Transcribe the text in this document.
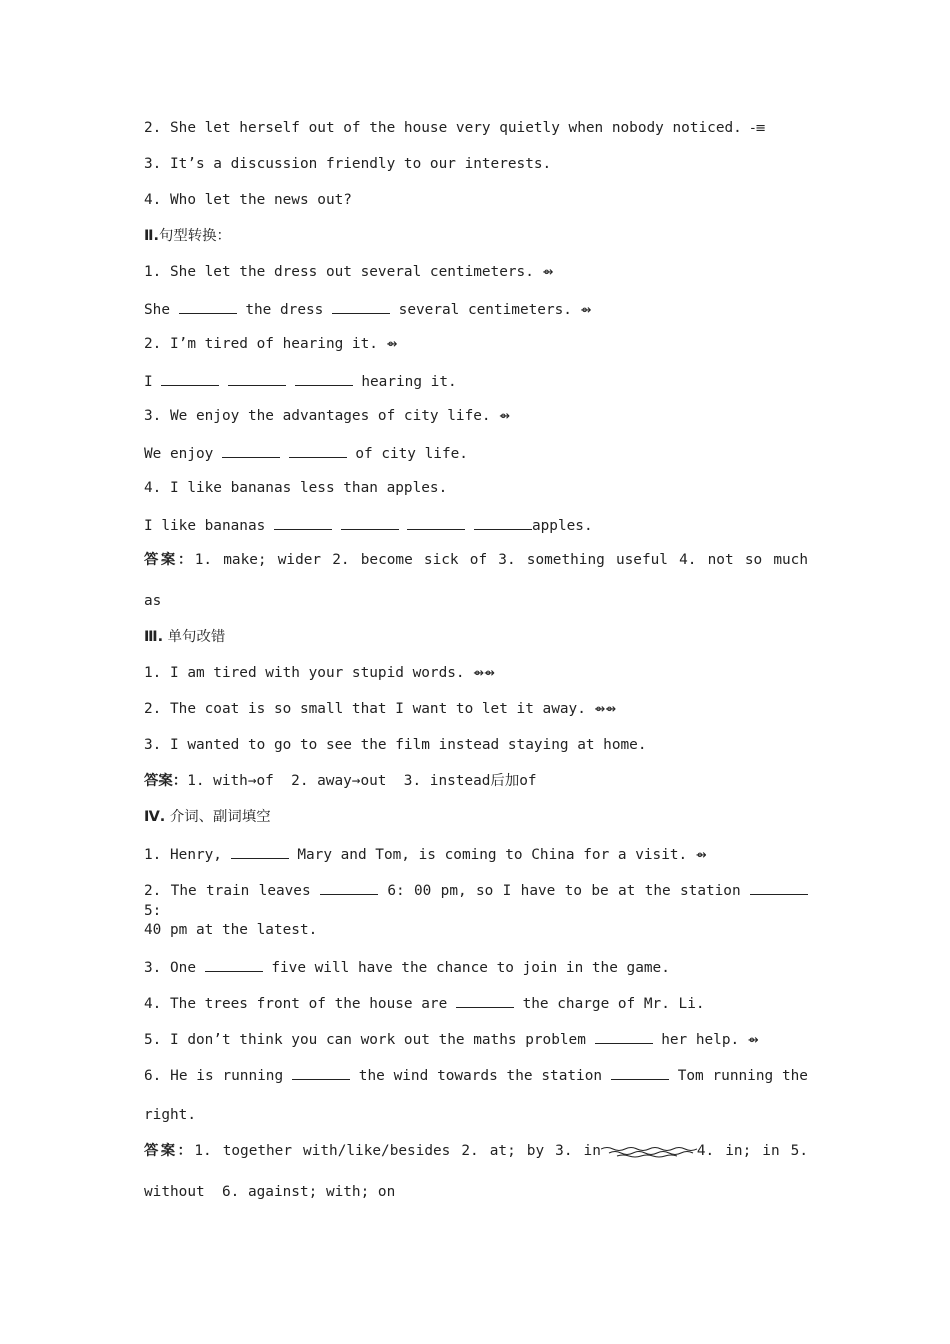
2. She let herself out of the house very quietly when nobody noticed. -≡

3. It’s a discussion friendly to our interests.

4. Who let the news out?

Ⅱ.句型转换：

1. She let the dress out several centimeters. ⇴

She	the dress	several centimeters. ⇴

2. I’m tired of hearing it. ⇴

I	hearing it.

3. We enjoy the advantages of city life. ⇴

We enjoy	of city life.

4. I like bananas less than apples.

I like bananas	apples.

答案：1. make; wider 2. become sick of 3. something useful 4. not so much

as

Ⅲ. 单句改错

1. I am tired with your stupid words. ⇴⇴

2. The coat is so small that I want to let it away. ⇴⇴

3. I wanted to go to see the film instead staying at home.

答案：1. with→of  2. away→out  3. instead后加of

Ⅳ. 介词、副词填空

1. Henry,	Mary and Tom, is coming to China for a visit. ⇴

2. The train leaves	6: 00 pm, so I have to be at the station  5:

40 pm at the latest.

3. One	five will have the chance to join in the game.

4. The trees front of the house are	the charge of Mr. Li.

5. I don’t think you can work out the maths problem	her help. ⇴

6. He is running	the wind towards the station	Tom running the

right.

答案：1. together with/like/besides 2. at; by 3. in	4. in; in 5.

without  6. against; with; on
